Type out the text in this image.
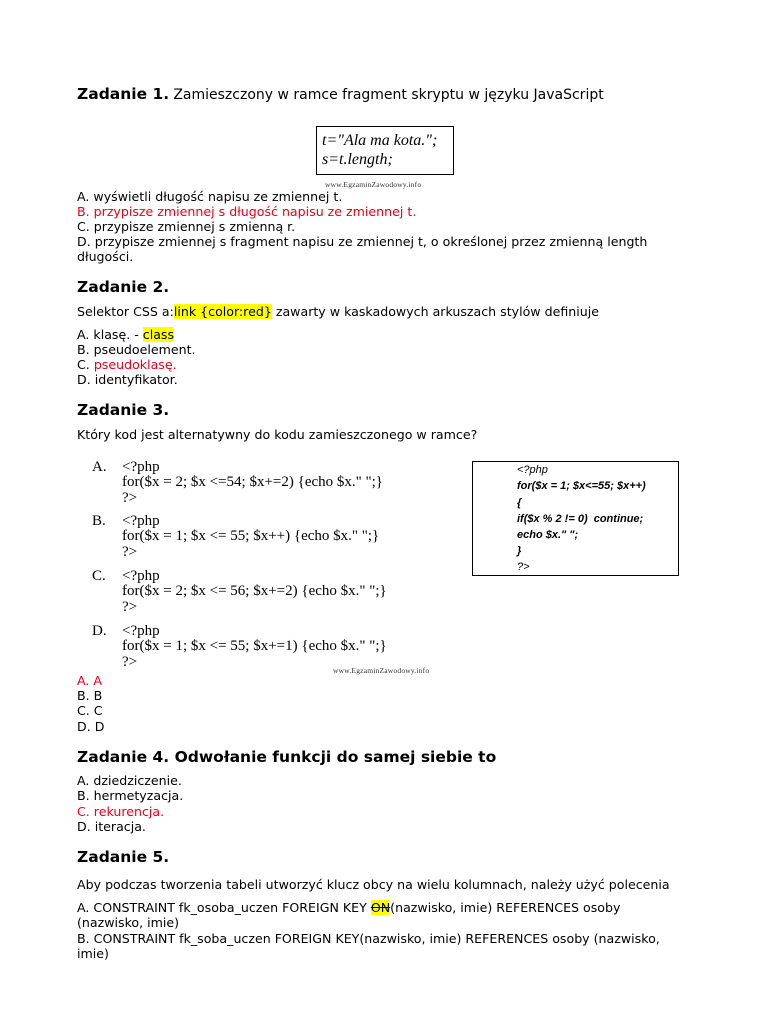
Zadanie 1. Zamieszczony w ramce fragment skryptu w języku JavaScript
t="Ala ma kota.";
s=t.length;
www.EgzaminZawodowy.info
A. wyświetli długość napisu ze zmiennej t.
B. przypisze zmiennej s długość napisu ze zmiennej t.
C. przypisze zmiennej s zmienną r.
D. przypisze zmiennej s fragment napisu ze zmiennej t, o określonej przez zmienną length
długości.
Zadanie 2.
Selektor CSS a:link {color:red} zawarty w kaskadowych arkuszach stylów definiuje
A. klasę. - class
B. pseudoelement.
C. pseudoklasę.
D. identyfikator.
Zadanie 3.
Który kod jest alternatywny do kodu zamieszczonego w ramce?
A. <?php
for($x = 2; $x <=54; $x+=2) {echo $x." ";}
?>
B. <?php
for($x = 1; $x <= 55; $x++) {echo $x." ";}
?>
C. <?php
for($x = 2; $x <= 56; $x+=2) {echo $x." ";}
?>
D. <?php
for($x = 1; $x <= 55; $x+=1) {echo $x." ";}
?>
www.EgzaminZawodowy.info
<?php
for($x = 1; $x<=55; $x++)
{
if($x % 2 != 0)  continue;
echo $x." ";
}
?>
A. A
B. B
C. C
D. D
Zadanie 4. Odwołanie funkcji do samej siebie to
A. dziedziczenie.
B. hermetyzacja.
C. rekurencja.
D. iteracja.
Zadanie 5.
Aby podczas tworzenia tabeli utworzyć klucz obcy na wielu kolumnach, należy użyć polecenia
A. CONSTRAINT fk_osoba_uczen FOREIGN KEY ON(nazwisko, imie) REFERENCES osoby
(nazwisko, imie)
B. CONSTRAINT fk_soba_uczen FOREIGN KEY(nazwisko, imie) REFERENCES osoby (nazwisko,
imie)
